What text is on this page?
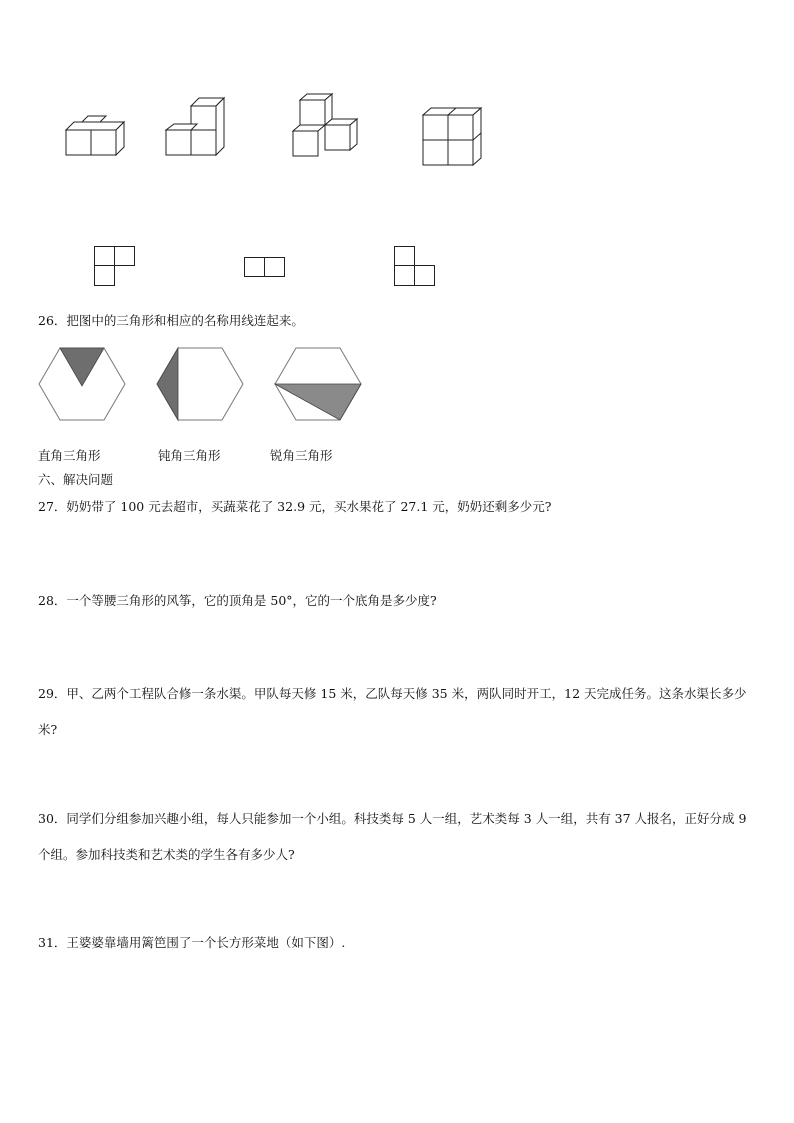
26．把图中的三角形和相应的名称用线连起来。
直角三角形	钝角三角形	锐角三角形
六、解决问题
27．奶奶带了 100 元去超市，买蔬菜花了 32.9 元，买水果花了 27.1 元，奶奶还剩多少元?
28．一个等腰三角形的风筝，它的顶角是 50°，它的一个底角是多少度?
29．甲、乙两个工程队合修一条水渠。甲队每天修 15 米，乙队每天修 35 米，两队同时开工，12 天完成任务。这条水渠长多少米?
30．同学们分组参加兴趣小组，每人只能参加一个小组。科技类每 5 人一组，艺术类每 3 人一组，共有 37 人报名，正好分成 9 个组。参加科技类和艺术类的学生各有多少人?
31．王婆婆靠墙用篱笆围了一个长方形菜地（如下图）.
